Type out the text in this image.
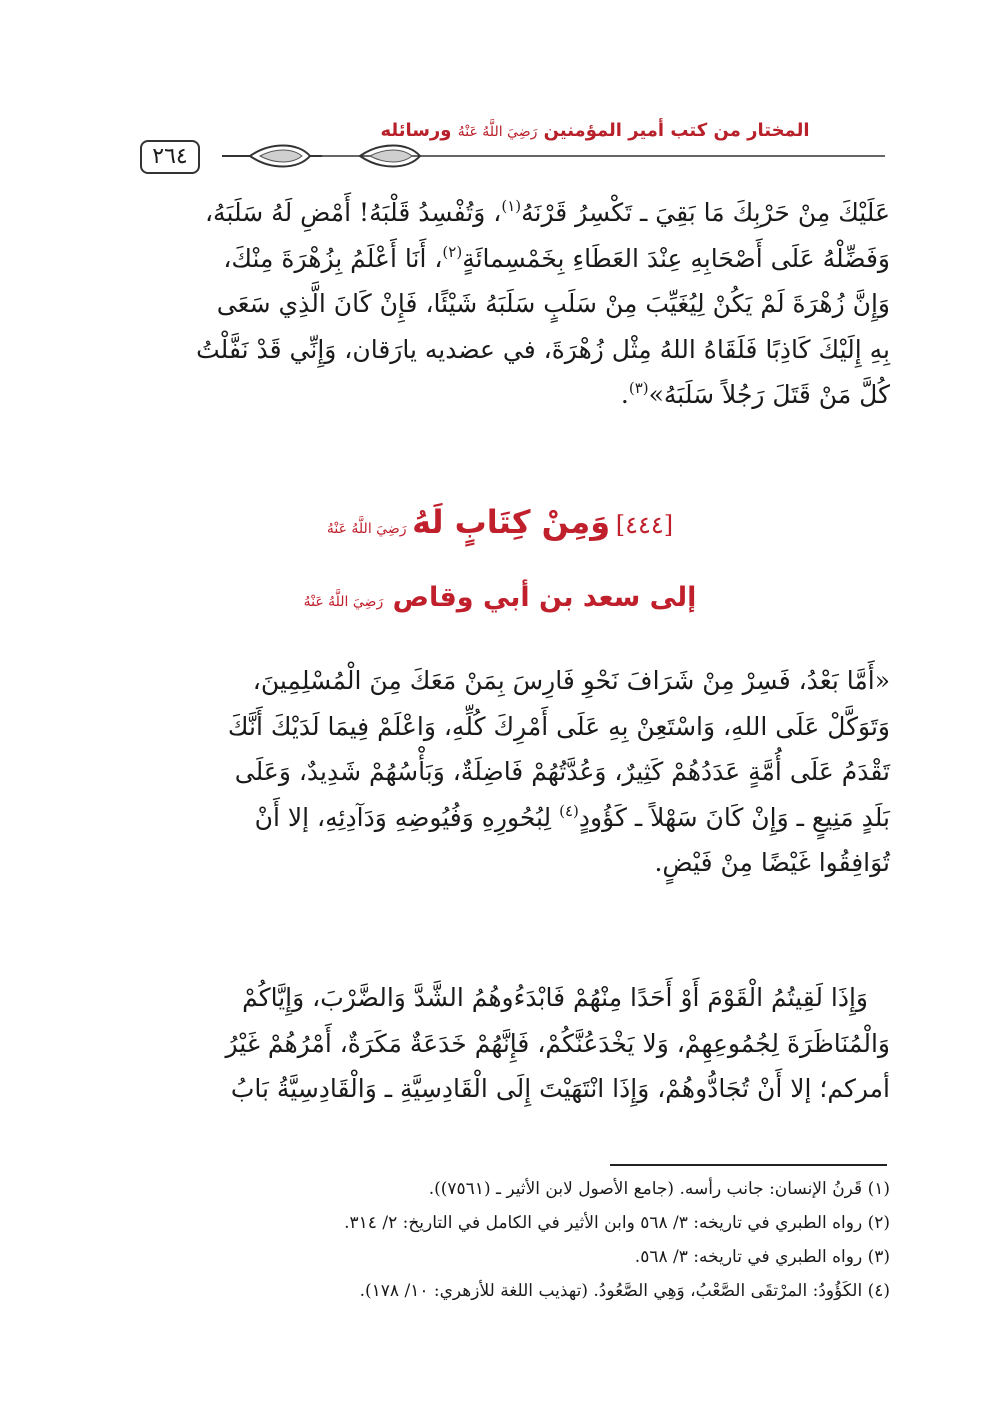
٢٦٤
المختار من كتب أمير المؤمنين رَضِيَ اللَّهُ عَنْهُ ورسائله

عَلَيْكَ مِنْ حَرْبِكَ مَا بَقِيَ ـ تَكْسِرُ قَرْنَهُ$^{(١)}$، وَتُفْسِدُ قَلْبَهُ! أَمْضِ لَهُ سَلَبَهُ،

وَفَضِّلْهُ عَلَى أَصْحَابِهِ عِنْدَ العَطَاءِ بِخَمْسِمائَةٍ$^{(٢)}$، أَنَا أَعْلَمُ بِزُهْرَةَ مِنْكَ،

وَإِنَّ زُهْرَةَ لَمْ يَكُنْ لِيُغَيِّبَ مِنْ سَلَبٍ سَلَبَهُ شَيْئًا، فَإِنْ كَانَ الَّذِي سَعَى

بِهِ إِلَيْكَ كَاذِبًا فَلَقَاهُ اللهُ مِثْل زُهْرَةَ، في عضديه يارَقان، وَإِنِّي قَدْ نَفَّلْتُ

كُلَّ مَنْ قَتَلَ رَجُلاً سَلَبَهُ»$^{(٣)}$.

[٤٤٤] وَمِنْ كِتَابٍ لَهُ رَضِيَ اللَّهُ عَنْهُ
إلى سعد بن أبي وقاص رَضِيَ اللَّهُ عَنْهُ

«أَمَّا بَعْدُ، فَسِرْ مِنْ شَرَافَ نَحْوِ فَارِسَ بِمَنْ مَعَكَ مِنَ الْمُسْلِمِينَ،

وَتَوَكَّلْ عَلَى اللهِ، وَاسْتَعِنْ بِهِ عَلَى أَمْرِكَ كُلِّهِ، وَاعْلَمْ فِيمَا لَدَيْكَ أَنَّكَ

تَقْدَمُ عَلَى أُمَّةٍ عَدَدُهُمْ كَثِيرٌ، وَعُدَّتُهُمْ فَاضِلَةٌ، وَبَأْسُهُمْ شَدِيدٌ، وَعَلَى

بَلَدٍ مَنِيعٍ ـ وَإِنْ كَانَ سَهْلاً ـ كَؤُودٍ$^{(٤)}$ لِبُحُورِهِ وَفُيُوضِهِ وَدَآدِئِهِ، إلا أَنْ

تُوَافِقُوا غَيْضًا مِنْ فَيْضٍ.

وَإِذَا لَقِيتُمُ الْقَوْمَ أَوْ أَحَدًا مِنْهُمْ فَابْدَءُوهُمُ الشَّدَّ وَالضَّرْبَ، وَإِيَّاكُمْ

وَالْمُنَاظَرَةَ لِجُمُوعِهِمْ، وَلا يَخْدَعُنَّكُمْ، فَإِنَّهُمْ خَدَعَةٌ مَكَرَةٌ، أَمْرُهُمْ غَيْرُ

أمركم؛ إلا أَنْ تُجَادُّوهُمْ، وَإِذَا انْتَهَيْتَ إِلَى الْقَادِسِيَّةِ ـ وَالْقَادِسِيَّةُ بَابُ

(١) قَرنُ الإنسان: جانب رأسه. (جامع الأصول لابن الأثير ـ (٧٥٦١)).
(٢) رواه الطبري في تاريخه: ٣/ ٥٦٨ وابن الأثير في الكامل في التاريخ: ٢/ ٣١٤.
(٣) رواه الطبري في تاريخه: ٣/ ٥٦٨.
(٤) الكَؤُودُ: المرْتقَى الصَّعْبُ، وَهِي الصَّعُودُ. (تهذيب اللغة للأزهري: ١٠/ ١٧٨).
